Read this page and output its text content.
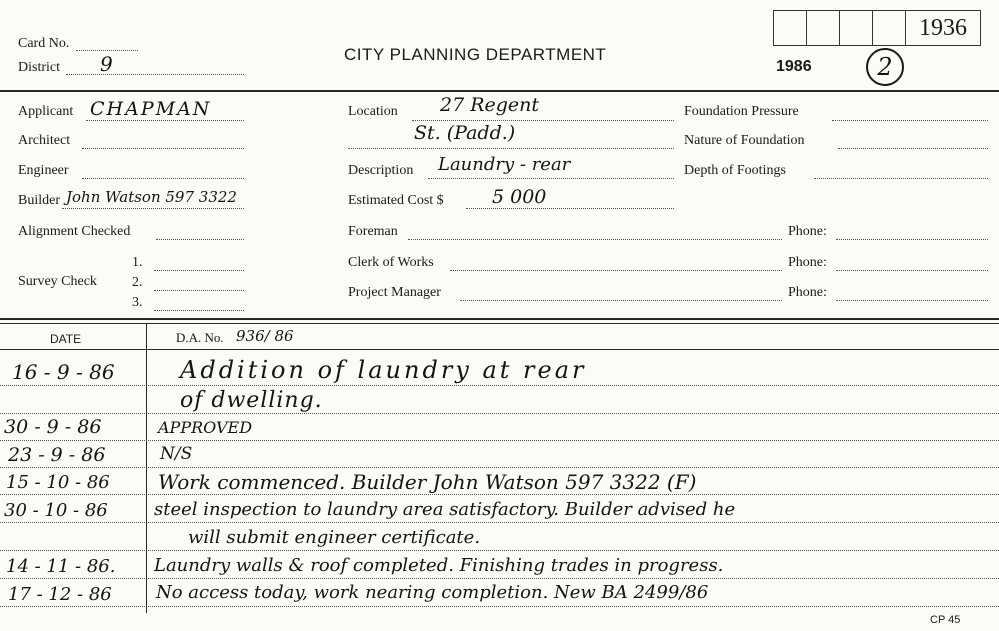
1936
Card No.
District 9	CITY PLANNING DEPARTMENT
1986	2
Applicant CHAPMAN
Architect
Engineer
Builder John Watson 597 3322
Alignment Checked
Survey Check
1.
2.
3.
Location 27 Regent
St. (Padd.)
Description Laundry - rear
Estimated Cost $	5 000
Foreman
Clerk of Works
Project Manager
Foundation Pressure
Nature of Foundation
Depth of Footings
Phone:
Phone:
Phone:
DATE	D.A. No. 936/ 86
16 - 9 - 86	Addition of laundry at rear
of dwelling.
30 - 9 - 86	APPROVED
23 - 9 - 86	N/S
15 - 10 - 86 Work commenced. Builder John Watson 597 3322 (F)
30 - 10 - 86	steel inspection to laundry area satisfactory. Builder advised he
will submit engineer certificate.
14 - 11 - 86. Laundry walls & roof completed. Finishing trades in progress.
17 - 12 - 86 No access today, work nearing completion. New BA 2499/86
CP 45
